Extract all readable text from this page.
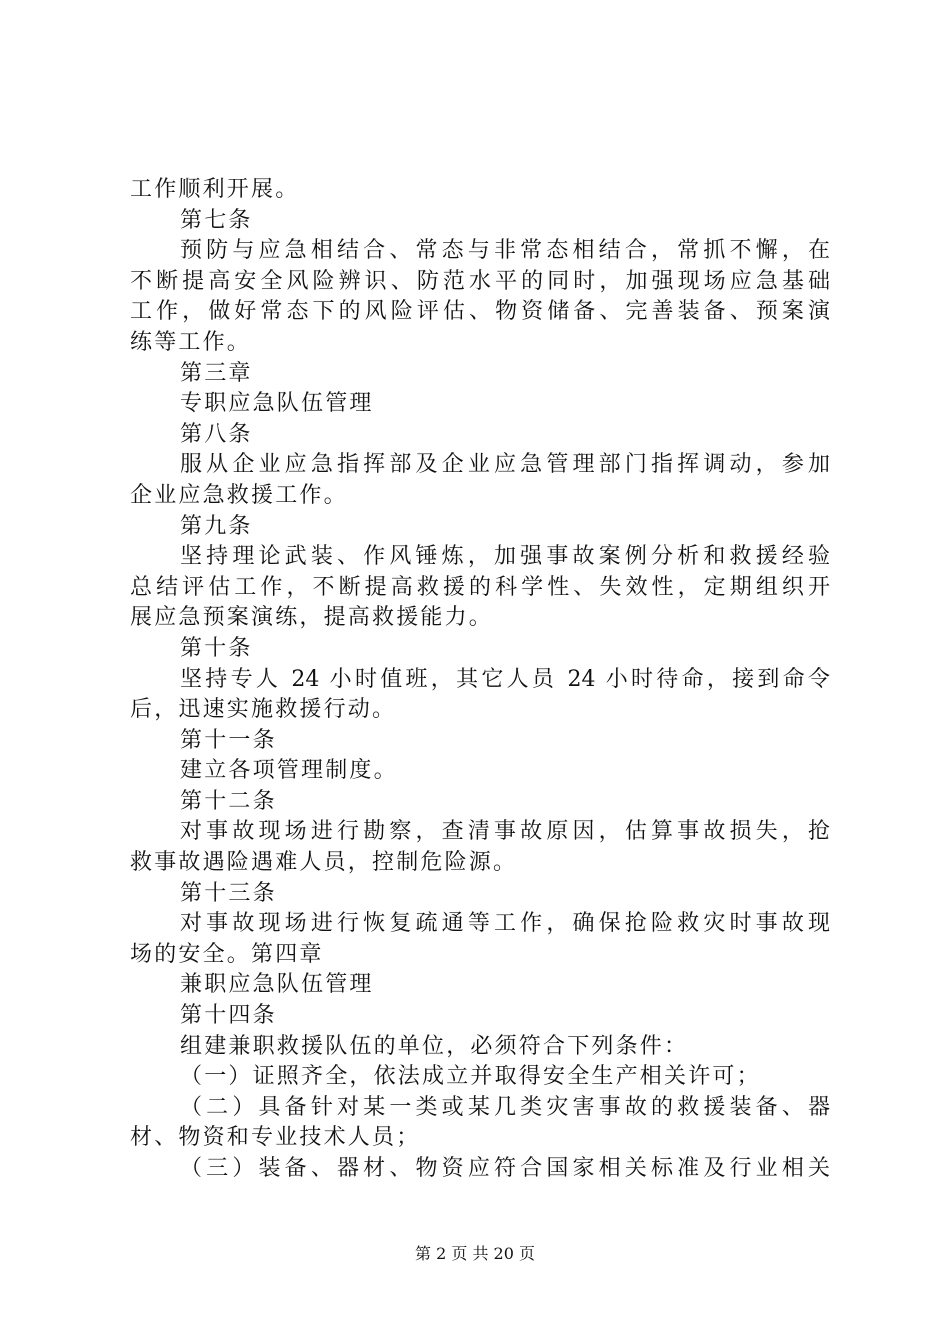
工作顺利开展。
第七条
预防与应急相结合、常态与非常态相结合，常抓不懈，在
不断提高安全风险辨识、防范水平的同时，加强现场应急基础
工作，做好常态下的风险评估、物资储备、完善装备、预案演
练等工作。
第三章
专职应急队伍管理
第八条
服从企业应急指挥部及企业应急管理部门指挥调动，参加
企业应急救援工作。
第九条
坚持理论武装、作风锤炼，加强事故案例分析和救援经验
总结评估工作，不断提高救援的科学性、失效性，定期组织开
展应急预案演练，提高救援能力。
第十条
坚持专人 24 小时值班，其它人员 24 小时待命，接到命令
后，迅速实施救援行动。
第十一条
建立各项管理制度。
第十二条
对事故现场进行勘察，查清事故原因，估算事故损失，抢
救事故遇险遇难人员，控制危险源。
第十三条
对事故现场进行恢复疏通等工作，确保抢险救灾时事故现
场的安全。第四章
兼职应急队伍管理
第十四条
组建兼职救援队伍的单位，必须符合下列条件：
（一）证照齐全，依法成立并取得安全生产相关许可；
（二）具备针对某一类或某几类灾害事故的救援装备、器
材、物资和专业技术人员；
（三）装备、器材、物资应符合国家相关标准及行业相关
第 2 页 共 20 页
